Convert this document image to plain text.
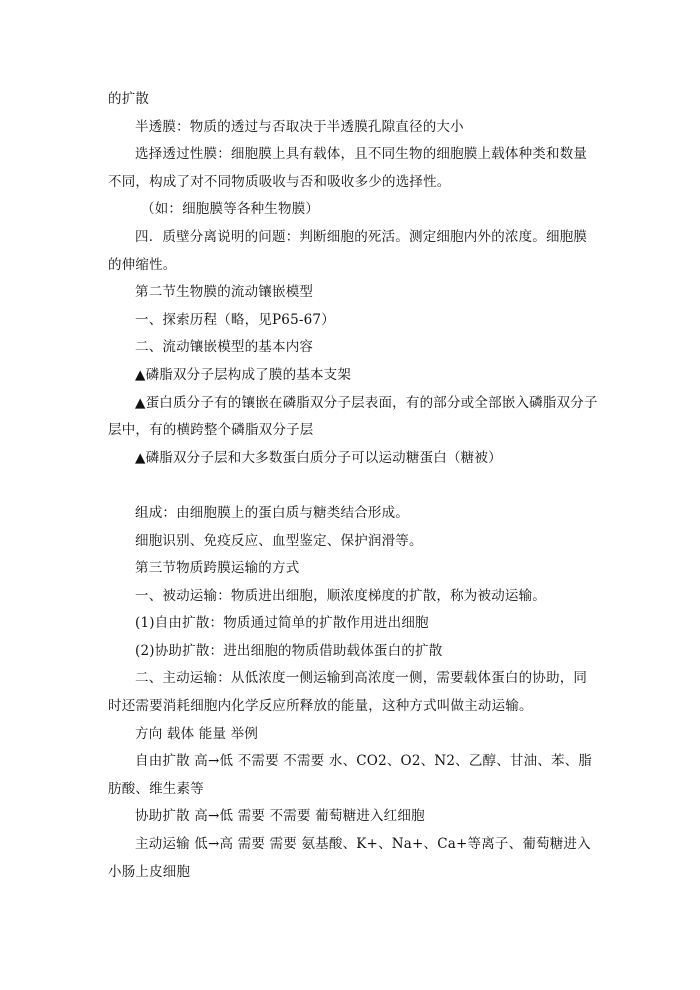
的扩散

半透膜：物质的透过与否取决于半透膜孔隙直径的大小

选择透过性膜：细胞膜上具有载体，且不同生物的细胞膜上载体种类和数量不同，构成了对不同物质吸收与否和吸收多少的选择性。

（如：细胞膜等各种生物膜）

四．质壁分离说明的问题：判断细胞的死活。测定细胞内外的浓度。细胞膜的伸缩性。

第二节生物膜的流动镶嵌模型

一、探索历程（略，见P65-67）

二、流动镶嵌模型的基本内容

▲磷脂双分子层构成了膜的基本支架

▲蛋白质分子有的镶嵌在磷脂双分子层表面，有的部分或全部嵌入磷脂双分子层中，有的横跨整个磷脂双分子层

▲磷脂双分子层和大多数蛋白质分子可以运动糖蛋白（糖被）

组成：由细胞膜上的蛋白质与糖类结合形成。

细胞识别、免疫反应、血型鉴定、保护润滑等。

第三节物质跨膜运输的方式

一、被动运输：物质进出细胞，顺浓度梯度的扩散，称为被动运输。

(1)自由扩散：物质通过简单的扩散作用进出细胞

(2)协助扩散：进出细胞的物质借助载体蛋白的扩散

二、主动运输：从低浓度一侧运输到高浓度一侧，需要载体蛋白的协助，同时还需要消耗细胞内化学反应所释放的能量，这种方式叫做主动运输。

方向 载体 能量 举例

自由扩散 高→低 不需要 不需要 水、CO2、O2、N2、乙醇、甘油、苯、脂肪酸、维生素等

协助扩散 高→低 需要 不需要 葡萄糖进入红细胞

主动运输 低→高 需要 需要 氨基酸、K+、Na+、Ca+等离子、葡萄糖进入小肠上皮细胞
